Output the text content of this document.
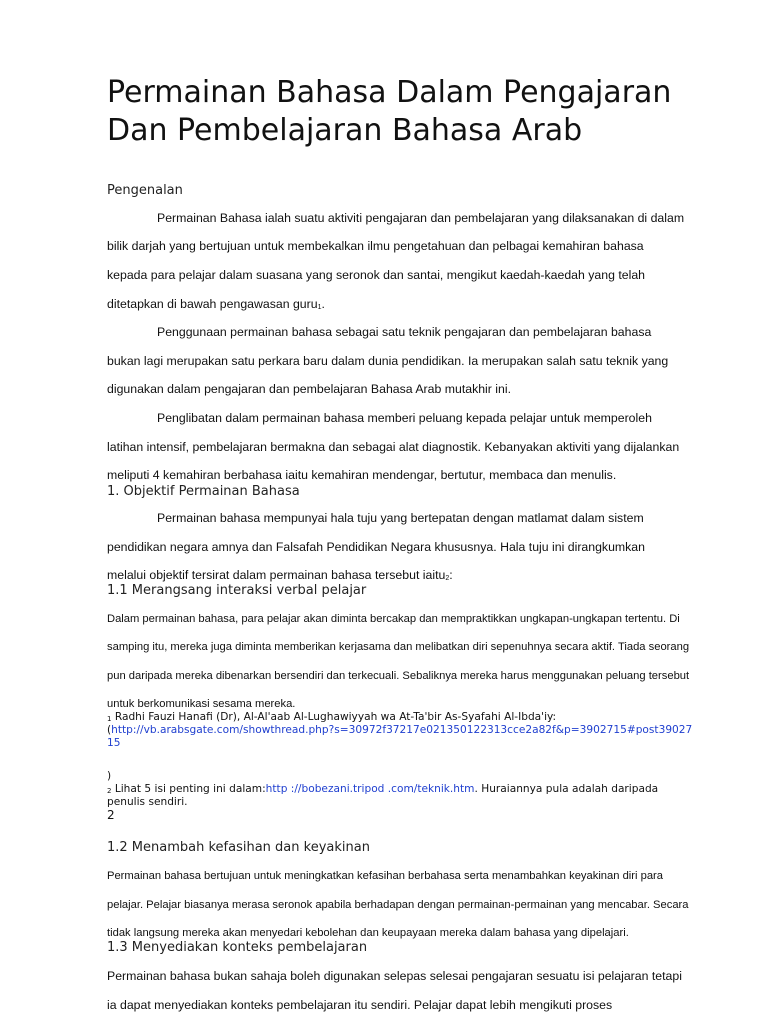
Permainan Bahasa Dalam Pengajaran
Dan Pembelajaran Bahasa Arab
Pengenalan
Permainan Bahasa ialah suatu aktiviti pengajaran dan pembelajaran yang dilaksanakan di dalam
bilik darjah yang bertujuan untuk membekalkan ilmu pengetahuan dan pelbagai kemahiran bahasa
kepada para pelajar dalam suasana yang seronok dan santai, mengikut kaedah-kaedah yang telah
ditetapkan di bawah pengawasan guru$_1$.
Penggunaan permainan bahasa sebagai satu teknik pengajaran dan pembelajaran bahasa
bukan lagi merupakan satu perkara baru dalam dunia pendidikan. Ia merupakan salah satu teknik yang
digunakan dalam pengajaran dan pembelajaran Bahasa Arab mutakhir ini.
Penglibatan dalam permainan bahasa memberi peluang kepada pelajar untuk memperoleh
latihan intensif, pembelajaran bermakna dan sebagai alat diagnostik. Kebanyakan aktiviti yang dijalankan
meliputi 4 kemahiran berbahasa iaitu kemahiran mendengar, bertutur, membaca dan menulis.
1. Objektif Permainan Bahasa
Permainan bahasa mempunyai hala tuju yang bertepatan dengan matlamat dalam sistem
pendidikan negara amnya dan Falsafah Pendidikan Negara khususnya. Hala tuju ini dirangkumkan
melalui objektif tersirat dalam permainan bahasa tersebut iaitu$_2$:
1.1 Merangsang interaksi verbal pelajar
Dalam permainan bahasa, para pelajar akan diminta bercakap dan mempraktikkan ungkapan-ungkapan tertentu. Di
samping itu, mereka juga diminta memberikan kerjasama dan melibatkan diri sepenuhnya secara aktif. Tiada seorang
pun daripada mereka dibenarkan bersendiri dan terkecuali. Sebaliknya mereka harus menggunakan peluang tersebut
untuk berkomunikasi sesama mereka.
$_1$ Radhi Fauzi Hanafi (Dr), Al-Al'aab Al-Lughawiyyah wa At-Ta'bir As-Syafahi Al-Ibda'iy:
(http://vb.arabsgate.com/showthread.php?s=30972f37217e021350122313cce2a82f&p=3902715#post39027
15
)
$_2$ Lihat 5 isi penting ini dalam:http ://bobezani.tripod .com/teknik.htm. Huraiannya pula adalah daripada
penulis sendiri.
2
1.2 Menambah kefasihan dan keyakinan
Permainan bahasa bertujuan untuk meningkatkan kefasihan berbahasa serta menambahkan keyakinan diri para
pelajar. Pelajar biasanya merasa seronok apabila berhadapan dengan permainan-permainan yang mencabar. Secara
tidak langsung mereka akan menyedari kebolehan dan keupayaan mereka dalam bahasa yang dipelajari.
1.3 Menyediakan konteks pembelajaran
Permainan bahasa bukan sahaja boleh digunakan selepas selesai pengajaran sesuatu isi pelajaran tetapi
ia dapat menyediakan konteks pembelajaran itu sendiri. Pelajar dapat lebih mengikuti proses
